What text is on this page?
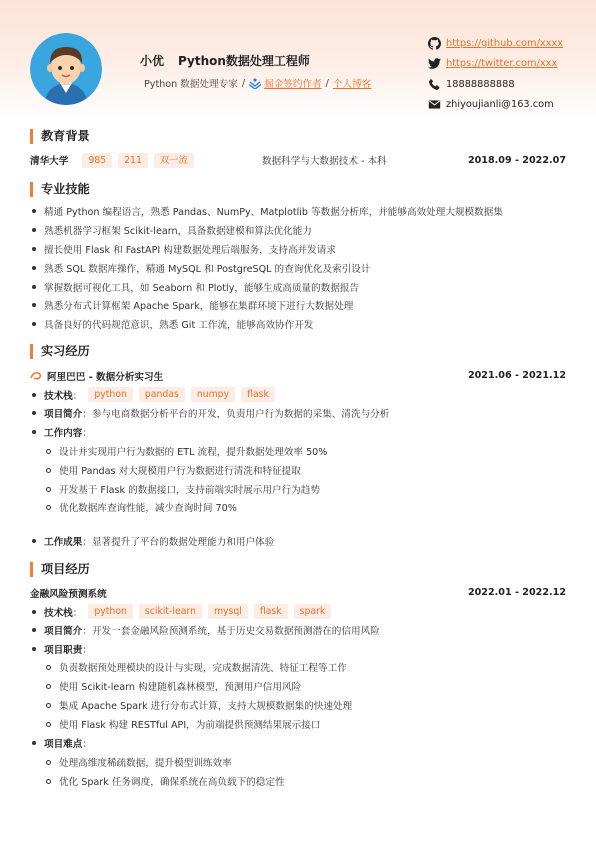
小优 Python数据处理工程师
Python 数据处理专家 / 掘金签约作者 / 个人博客
https://github.com/xxxx
https://twitter.com/xxx
18888888888
zhiyoujianli@163.com
教育背景
清华大学	985	211	双一流	数据科学与大数据技术 - 本科	2018.09 - 2022.07
专业技能
精通 Python 编程语言，熟悉 Pandas、NumPy、Matplotlib 等数据分析库，并能够高效处理大规模数据集
熟悉机器学习框架 Scikit-learn，具备数据建模和算法优化能力
擅长使用 Flask 和 FastAPI 构建数据处理后端服务，支持高并发请求
熟悉 SQL 数据库操作，精通 MySQL 和 PostgreSQL 的查询优化及索引设计
掌握数据可视化工具，如 Seaborn 和 Plotly，能够生成高质量的数据报告
熟悉分布式计算框架 Apache Spark，能够在集群环境下进行大数据处理
具备良好的代码规范意识，熟悉 Git 工作流，能够高效协作开发
实习经历
阿里巴巴 - 数据分析实习生	2021.06 - 2021.12
技术栈 ：	python	pandas	numpy	flask
项目简介 ： 参与电商数据分析平台的开发，负责用户行为数据的采集、清洗与分析
工作内容 ：
设计并实现用户行为数据的 ETL 流程，提升数据处理效率 50%
使用 Pandas 对大规模用户行为数据进行清洗和特征提取
开发基于 Flask 的数据接口，支持前端实时展示用户行为趋势
优化数据库查询性能，减少查询时间 70%
工作成果 ： 显著提升了平台的数据处理能力和用户体验
项目经历
金融风险预测系统	2022.01 - 2022.12
技术栈 ：	python	scikit-learn	mysql	flask	spark
项目简介 ： 开发一套金融风险预测系统，基于历史交易数据预测潜在的信用风险
项目职责 ：
负责数据预处理模块的设计与实现，完成数据清洗、特征工程等工作
使用 Scikit-learn 构建随机森林模型，预测用户信用风险
集成 Apache Spark 进行分布式计算，支持大规模数据集的快速处理
使用 Flask 构建 RESTful API，为前端提供预测结果展示接口
项目难点 ：
处理高维度稀疏数据，提升模型训练效率
优化 Spark 任务调度，确保系统在高负载下的稳定性
